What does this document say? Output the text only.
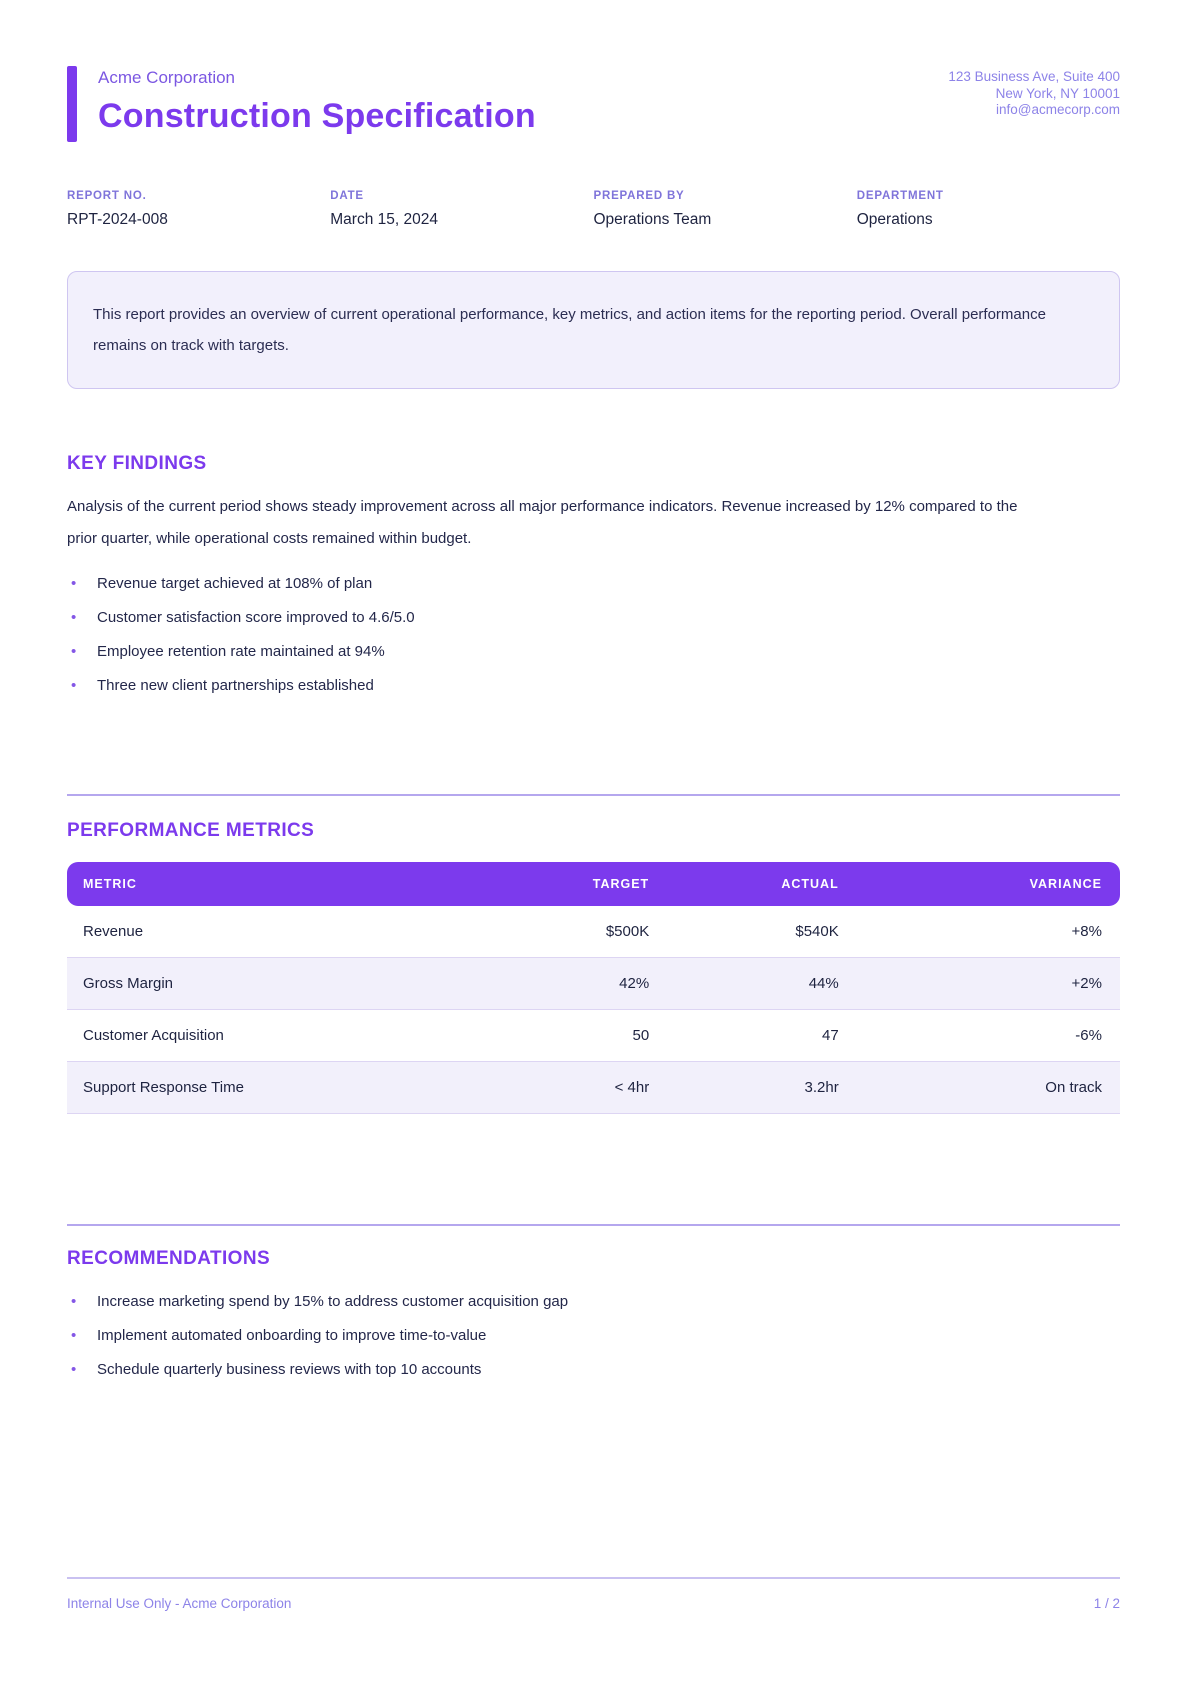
Acme Corporation
Construction Specification
123 Business Ave, Suite 400
New York, NY 10001
info@acmecorp.com
REPORT NO.
RPT-2024-008
DATE
March 15, 2024
PREPARED BY
Operations Team
DEPARTMENT
Operations
This report provides an overview of current operational performance, key metrics, and action items for the reporting period. Overall performance remains on track with targets.
KEY FINDINGS

Analysis of the current period shows steady improvement across all major performance indicators. Revenue increased by 12% compared to the prior quarter, while operational costs remained within budget.

•	Revenue target achieved at 108% of plan
•	Customer satisfaction score improved to 4.6/5.0
•	Employee retention rate maintained at 94%
•	Three new client partnerships established
PERFORMANCE METRICS
METRIC	TARGET	ACTUAL	VARIANCE
Revenue	$500K	$540K	+8%
Gross Margin	42%	44%	+2%
Customer Acquisition	50	47	-6%
Support Response Time	< 4hr	3.2hr	On track
RECOMMENDATIONS
•	Increase marketing spend by 15% to address customer acquisition gap
•	Implement automated onboarding to improve time-to-value
•	Schedule quarterly business reviews with top 10 accounts
Internal Use Only - Acme Corporation	1 / 2
